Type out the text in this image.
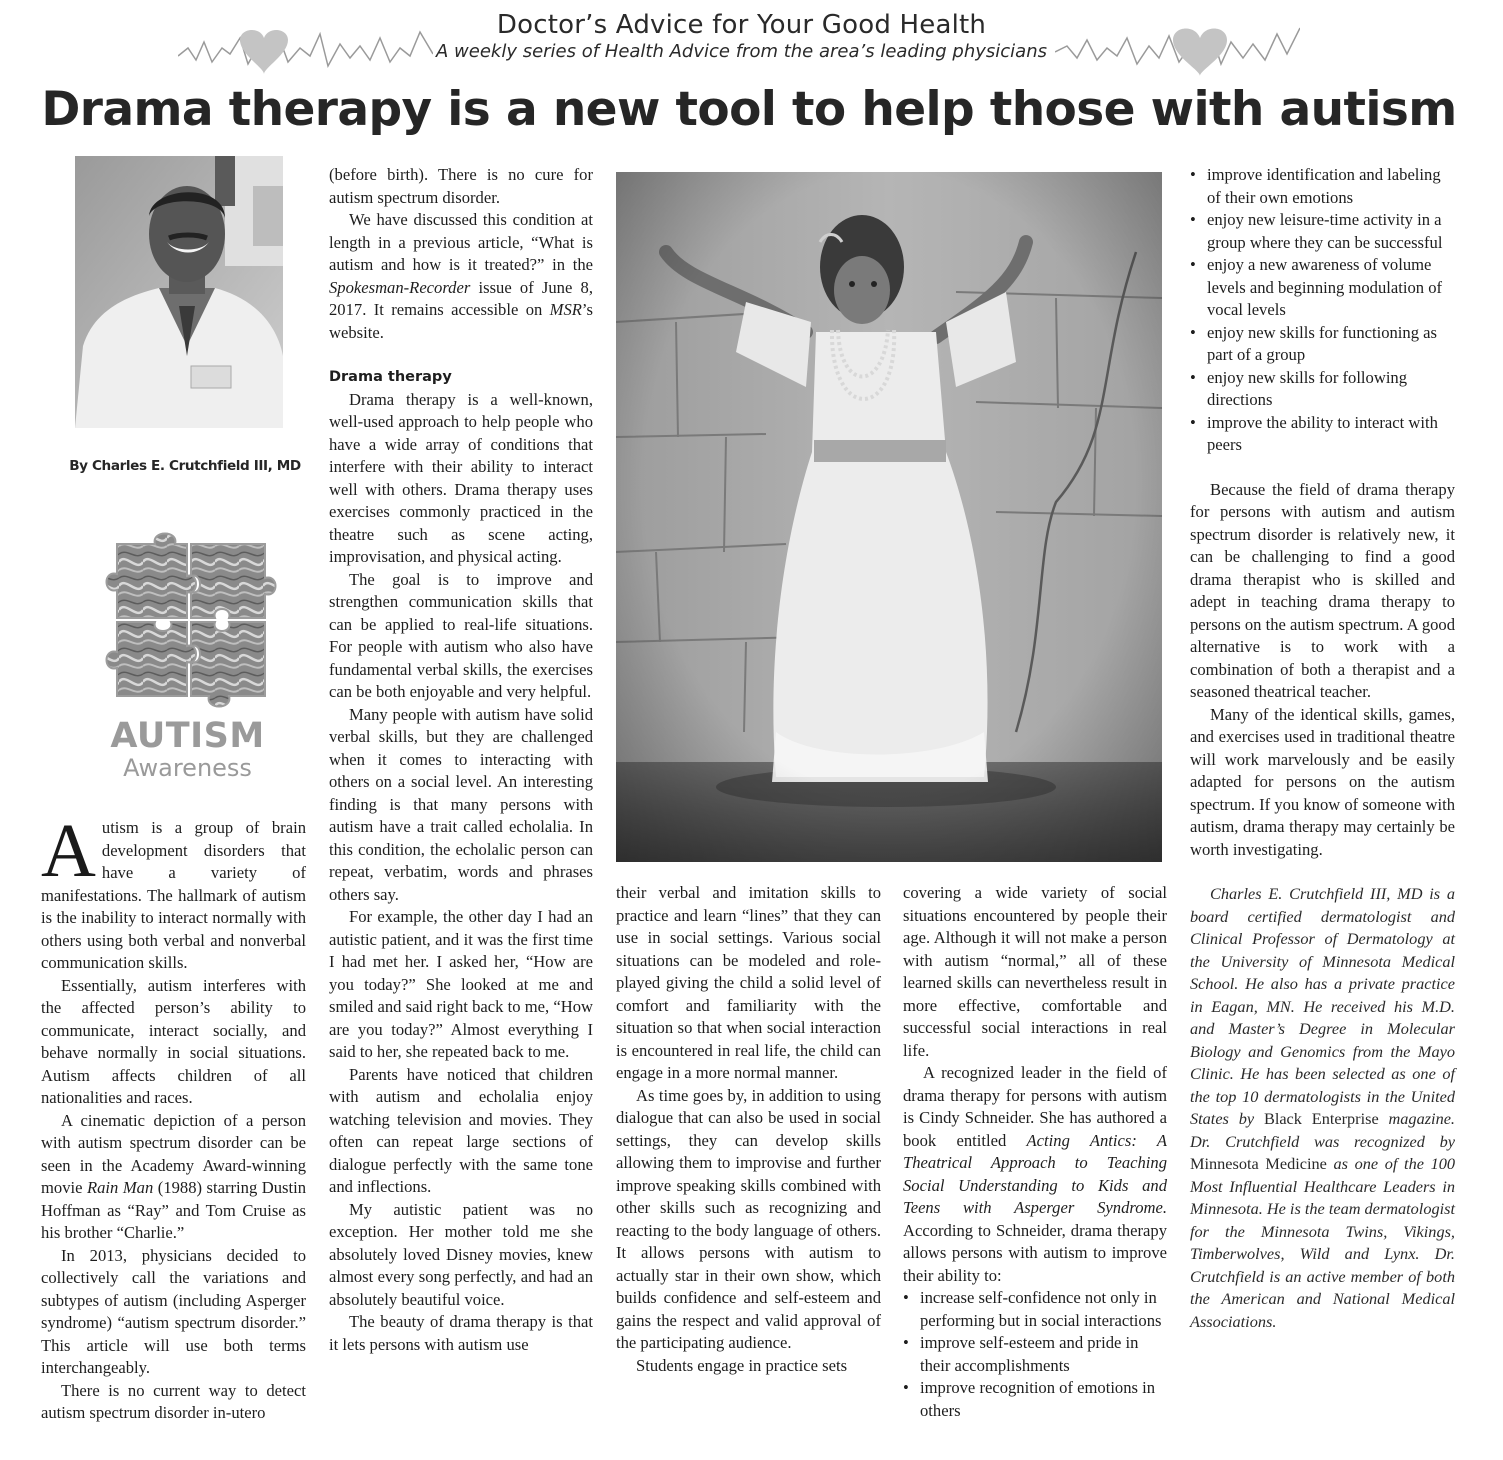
Doctor’s Advice for Your Good Health
A weekly series of Health Advice from the area’s leading physicians
Drama therapy is a new tool to help those with autism
By Charles E. Crutchfield III, MD
AUTISM
Awareness

Autism is a group of brain development disorders that have a variety of manifestations. The hallmark of autism is the inability to interact normally with others using both verbal and nonverbal communication skills.

Essentially, autism interferes with the affected person’s ability to communicate, interact socially, and behave normally in social situations. Autism affects children of all nationalities and races.

A cinematic depiction of a person with autism spectrum disorder can be seen in the Academy Award-winning movie Rain Man (1988) starring Dustin Hoffman as “Ray” and Tom Cruise as his brother “Charlie.”

In 2013, physicians decided to collectively call the variations and subtypes of autism (including Asperger syndrome) “autism spectrum disorder.” This article will use both terms interchangeably.

There is no current way to detect autism spectrum disorder in-utero

(before birth). There is no cure for autism spectrum disorder.

We have discussed this condition at length in a previous article, “What is autism and how is it treated?” in the Spokesman-Recorder issue of June 8, 2017. It remains accessible on MSR’s website.

Drama therapy

Drama therapy is a well-known, well-used approach to help people who have a wide array of conditions that interfere with their ability to interact well with others. Drama therapy uses exercises commonly practiced in the theatre such as scene acting, improvisation, and physical acting.

The goal is to improve and strengthen communication skills that can be applied to real-life situations. For people with autism who also have fundamental verbal skills, the exercises can be both enjoyable and very helpful.

Many people with autism have solid verbal skills, but they are challenged when it comes to interacting with others on a social level. An interesting finding is that many persons with autism have a trait called echolalia. In this condition, the echolalic person can repeat, verbatim, words and phrases others say.

For example, the other day I had an autistic patient, and it was the first time I had met her. I asked her, “How are you today?” She looked at me and smiled and said right back to me, “How are you today?” Almost everything I said to her, she repeated back to me.

Parents have noticed that children with autism and echolalia enjoy watching television and movies. They often can repeat large sections of dialogue perfectly with the same tone and inflections.

My autistic patient was no exception. Her mother told me she absolutely loved Disney movies, knew almost every song perfectly, and had an absolutely beautiful voice.

The beauty of drama therapy is that it lets persons with autism use

their verbal and imitation skills to practice and learn “lines” that they can use in social settings. Various social situations can be modeled and role-played giving the child a solid level of comfort and familiarity with the situation so that when social interaction is encountered in real life, the child can engage in a more normal manner.

As time goes by, in addition to using dialogue that can also be used in social settings, they can develop skills allowing them to improvise and further improve speaking skills combined with other skills such as recognizing and reacting to the body language of others. It allows persons with autism to actually star in their own show, which builds confidence and self-esteem and gains the respect and valid approval of the participating audience.

Students engage in practice sets

covering a wide variety of social situations encountered by people their age. Although it will not make a person with autism “normal,” all of these learned skills can nevertheless result in more effective, comfortable and successful social interactions in real life.

A recognized leader in the field of drama therapy for persons with autism is Cindy Schneider. She has authored a book entitled Acting Antics: A Theatrical Approach to Teaching Social Understanding to Kids and Teens with Asperger Syndrome. According to Schneider, drama therapy allows persons with autism to improve their ability to:

• increase self-confidence not only in performing but in social interactions
• improve self-esteem and pride in their accomplishments
• improve recognition of emotions in others
• improve identification and labeling of their own emotions
• enjoy new leisure-time activity in a group where they can be successful
• enjoy a new awareness of volume levels and beginning modulation of vocal levels
• enjoy new skills for functioning as part of a group
• enjoy new skills for following directions
• improve the ability to interact with peers

Because the field of drama therapy for persons with autism and autism spectrum disorder is relatively new, it can be challenging to find a good drama therapist who is skilled and adept in teaching drama therapy to persons on the autism spectrum. A good alternative is to work with a combination of both a therapist and a seasoned theatrical teacher.

Many of the identical skills, games, and exercises used in traditional theatre will work marvelously and be easily adapted for persons on the autism spectrum. If you know of someone with autism, drama therapy may certainly be worth investigating.

Charles E. Crutchfield III, MD is a board certified dermatologist and Clinical Professor of Dermatology at the University of Minnesota Medical School. He also has a private practice in Eagan, MN. He received his M.D. and Master’s Degree in Molecular Biology and Genomics from the Mayo Clinic. He has been selected as one of the top 10 dermatologists in the United States by Black Enterprise magazine. Dr. Crutchfield was recognized by Minnesota Medicine as one of the 100 Most Influential Healthcare Leaders in Minnesota. He is the team dermatologist for the Minnesota Twins, Vikings, Timberwolves, Wild and Lynx. Dr. Crutchfield is an active member of both the American and National Medical Associations.
